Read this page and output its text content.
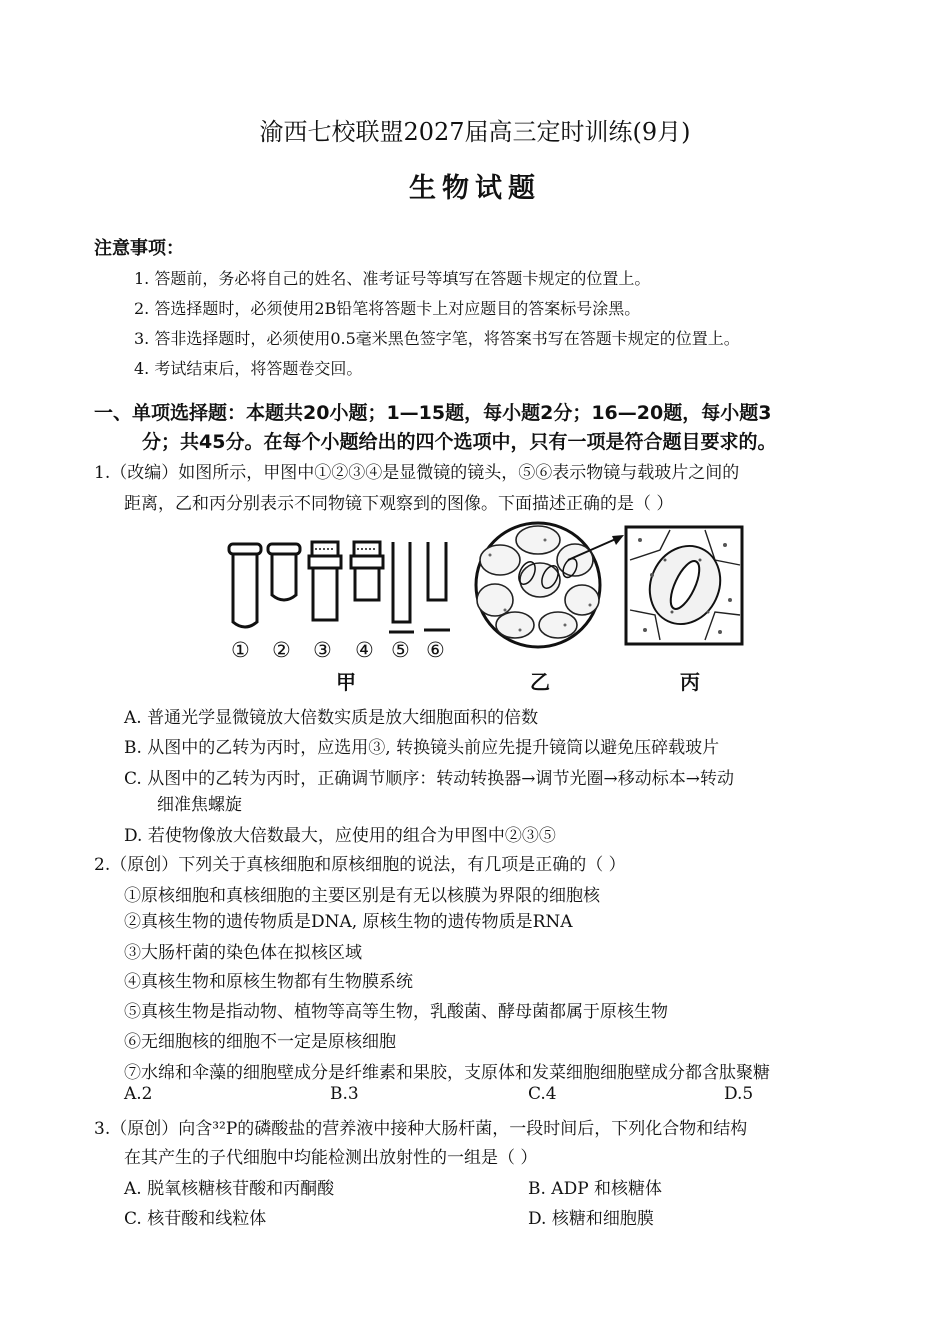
渝西七校联盟2027届高三定时训练(9月)
生物试题
注意事项：
1. 答题前，务必将自己的姓名、准考证号等填写在答题卡规定的位置上。
2. 答选择题时，必须使用2B铅笔将答题卡上对应题目的答案标号涂黑。
3. 答非选择题时，必须使用0.5毫米黑色签字笔，将答案书写在答题卡规定的位置上。
4. 考试结束后，将答题卷交回。
一、单项选择题：本题共20小题；1—15题，每小题2分；16—20题，每小题3
分；共45分。在每个小题给出的四个选项中，只有一项是符合题目要求的。
1.（改编）如图所示，甲图中①②③④是显微镜的镜头，⑤⑥表示物镜与载玻片之间的
距离，乙和丙分别表示不同物镜下观察到的图像。下面描述正确的是（ ）
① ② ③ ④ ⑤ ⑥
甲	乙	丙
A. 普通光学显微镜放大倍数实质是放大细胞面积的倍数
B. 从图中的乙转为丙时，应选用③, 转换镜头前应先提升镜筒以避免压碎载玻片
C. 从图中的乙转为丙时，正确调节顺序：转动转换器→调节光圈→移动标本→转动
细准焦螺旋
D. 若使物像放大倍数最大，应使用的组合为甲图中②③⑤
2.（原创）下列关于真核细胞和原核细胞的说法，有几项是正确的（ ）
①原核细胞和真核细胞的主要区别是有无以核膜为界限的细胞核
②真核生物的遗传物质是DNA, 原核生物的遗传物质是RNA
③大肠杆菌的染色体在拟核区域
④真核生物和原核生物都有生物膜系统
⑤真核生物是指动物、植物等高等生物，乳酸菌、酵母菌都属于原核生物
⑥无细胞核的细胞不一定是原核细胞
⑦水绵和伞藻的细胞壁成分是纤维素和果胶，支原体和发菜细胞细胞壁成分都含肽聚糖
A.2	B.3	C.4	D.5
3.（原创）向含³²P的磷酸盐的营养液中接种大肠杆菌，一段时间后，下列化合物和结构
在其产生的子代细胞中均能检测出放射性的一组是（ ）
A. 脱氧核糖核苷酸和丙酮酸	B. ADP 和核糖体
C. 核苷酸和线粒体	D. 核糖和细胞膜
